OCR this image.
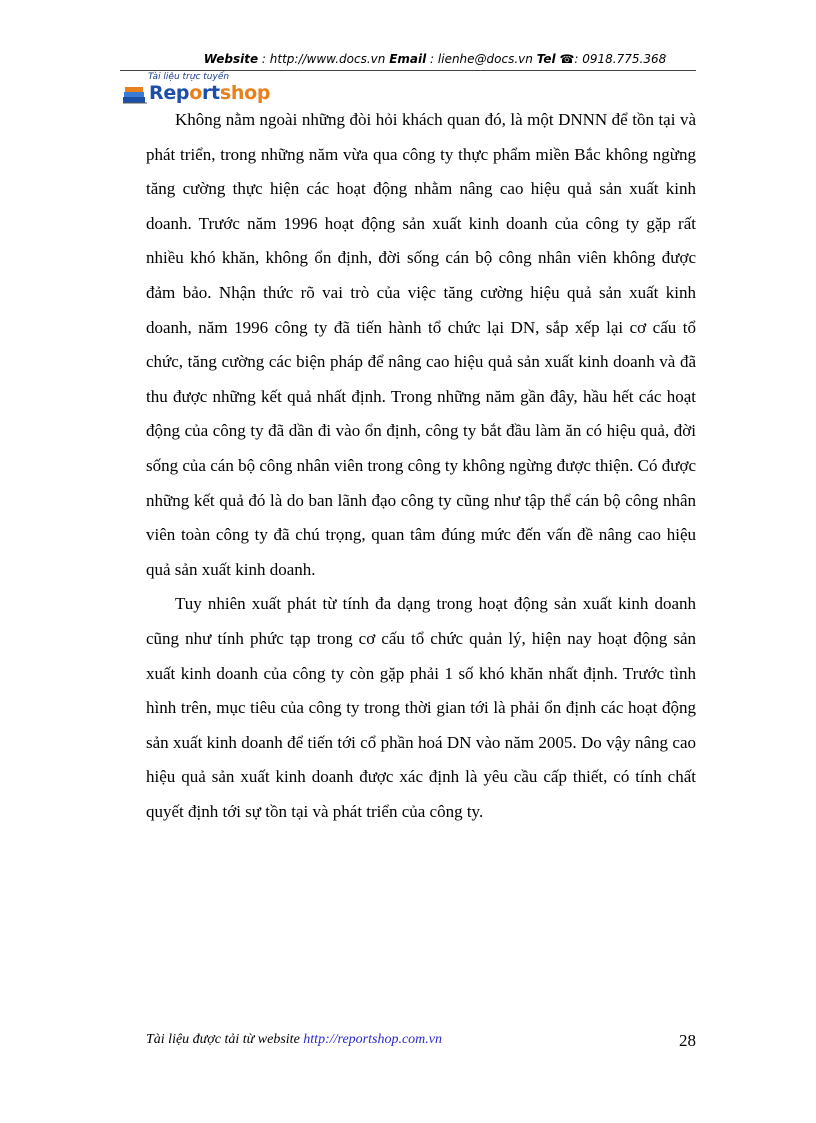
Website : http://www.docs.vn Email : lienhe@docs.vn Tel ☎: 0918.775.368
Tài liệu trực tuyến
Reportshop

Không nằm ngoài những đòi hỏi khách quan đó, là một DNNN để tồn tại và phát triển, trong những năm vừa qua công ty thực phẩm miền Bắc không ngừng tăng cường thực hiện các hoạt động nhằm nâng cao hiệu quả sản xuất kinh doanh. Trước năm 1996 hoạt động sản xuất kinh doanh của công ty gặp rất nhiều khó khăn, không ổn định, đời sống cán bộ công nhân viên không được đảm bảo. Nhận thức rõ vai trò của việc tăng cường hiệu quả sản xuất kinh doanh, năm 1996 công ty đã tiến hành tổ chức lại DN, sắp xếp lại cơ cấu tổ chức, tăng cường các biện pháp để nâng cao hiệu quả sản xuất kinh doanh và đã thu được những kết quả nhất định. Trong những năm gần đây, hầu hết các hoạt động của công ty đã dần đi vào ổn định, công ty bắt đầu làm ăn có hiệu quả, đời sống của cán bộ công nhân viên trong công ty không ngừng được thiện. Có được những kết quả đó là do ban lãnh đạo công ty cũng như tập thể cán bộ công nhân viên toàn công ty đã chú trọng, quan tâm đúng mức đến vấn đề nâng cao hiệu quả sản xuất kinh doanh.

Tuy nhiên xuất phát từ tính đa dạng trong hoạt động sản xuất kinh doanh cũng như tính phức tạp trong cơ cấu tổ chức quản lý, hiện nay hoạt động sản xuất kinh doanh của công ty còn gặp phải 1 số khó khăn nhất định. Trước tình hình trên, mục tiêu của công ty trong thời gian tới là phải ổn định các hoạt động sản xuất kinh doanh để tiến tới cổ phần hoá DN vào năm 2005. Do vậy nâng cao hiệu quả sản xuất kinh doanh được xác định là yêu cầu cấp thiết, có tính chất quyết định tới sự tồn tại và phát triển của công ty.

Tài liệu được tải từ website http://reportshop.com.vn	28
